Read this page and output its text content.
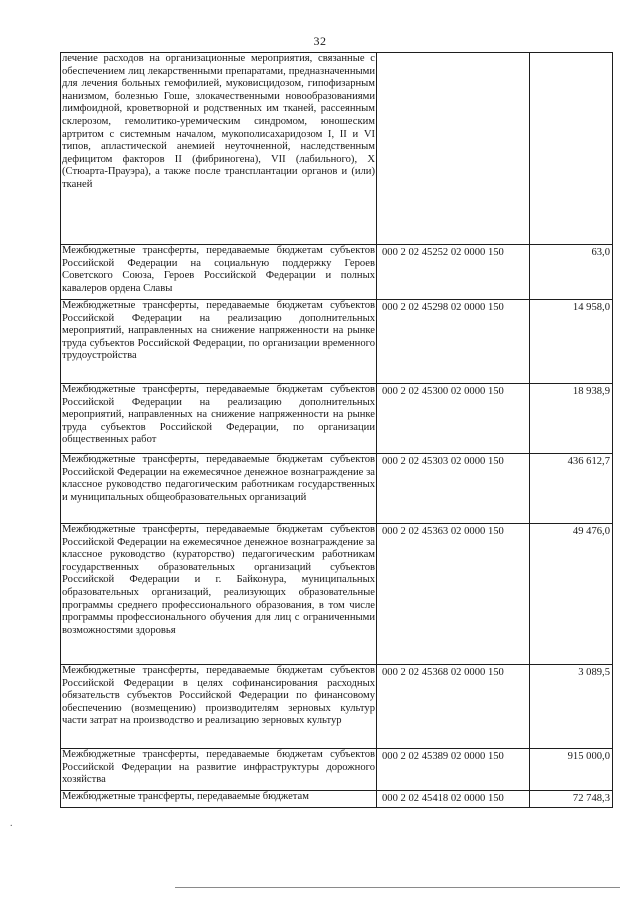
32
лечение расходов на организационные мероприятия, связанные с обеспечением лиц лекарственными препаратами, предназначенными для лечения больных гемофилией, муковисцидозом, гипофизарным нанизмом, болезнью Гоше, злокачественными новообразованиями лимфоидной, кроветворной и родственных им тканей, рассеянным склерозом, гемолитико-уремическим синдромом, юношеским артритом с системным началом, мукополисахаридозом I, II и VI типов, апластической анемией неуточненной, наследственным дефицитом факторов II (фибриногена), VII (лабильного), X (Стюарта-Прауэра), а также после трансплантации органов и (или) тканей		
Межбюджетные трансферты, передаваемые бюджетам субъектов Российской Федерации на социальную поддержку Героев Советского Союза, Героев Российской Федерации и полных кавалеров ордена Славы	000 2 02 45252 02 0000 150	63,0
Межбюджетные трансферты, передаваемые бюджетам субъектов Российской Федерации на реализацию дополнительных мероприятий, направленных на снижение напряженности на рынке труда субъектов Российской Федерации, по организации временного трудоустройства	000 2 02 45298 02 0000 150	14 958,0
Межбюджетные трансферты, передаваемые бюджетам субъектов Российской Федерации на реализацию дополнительных мероприятий, направленных на снижение напряженности на рынке труда субъектов Российской Федерации, по организации общественных работ	000 2 02 45300 02 0000 150	18 938,9
Межбюджетные трансферты, передаваемые бюджетам субъектов Российской Федерации на ежемесячное денежное вознаграждение за классное руководство педагогическим работникам государственных и муниципальных общеобразовательных организаций	000 2 02 45303 02 0000 150	436 612,7
Межбюджетные трансферты, передаваемые бюджетам субъектов Российской Федерации на ежемесячное денежное вознаграждение за классное руководство (кураторство) педагогическим работникам государственных образовательных организаций субъектов Российской Федерации и г. Байконура, муниципальных образовательных организаций, реализующих образовательные программы среднего профессионального образования, в том числе программы профессионального обучения для лиц с ограниченными возможностями здоровья	000 2 02 45363 02 0000 150	49 476,0
Межбюджетные трансферты, передаваемые бюджетам субъектов Российской Федерации в целях софинансирования расходных обязательств субъектов Российской Федерации по финансовому обеспечению (возмещению) производителям зерновых культур части затрат на производство и реализацию зерновых культур	000 2 02 45368 02 0000 150	3 089,5
Межбюджетные трансферты, передаваемые бюджетам субъектов Российской Федерации на развитие инфраструктуры дорожного хозяйства	000 2 02 45389 02 0000 150	915 000,0
Межбюджетные трансферты, передаваемые бюджетам	000 2 02 45418 02 0000 150	72 748,3
.
